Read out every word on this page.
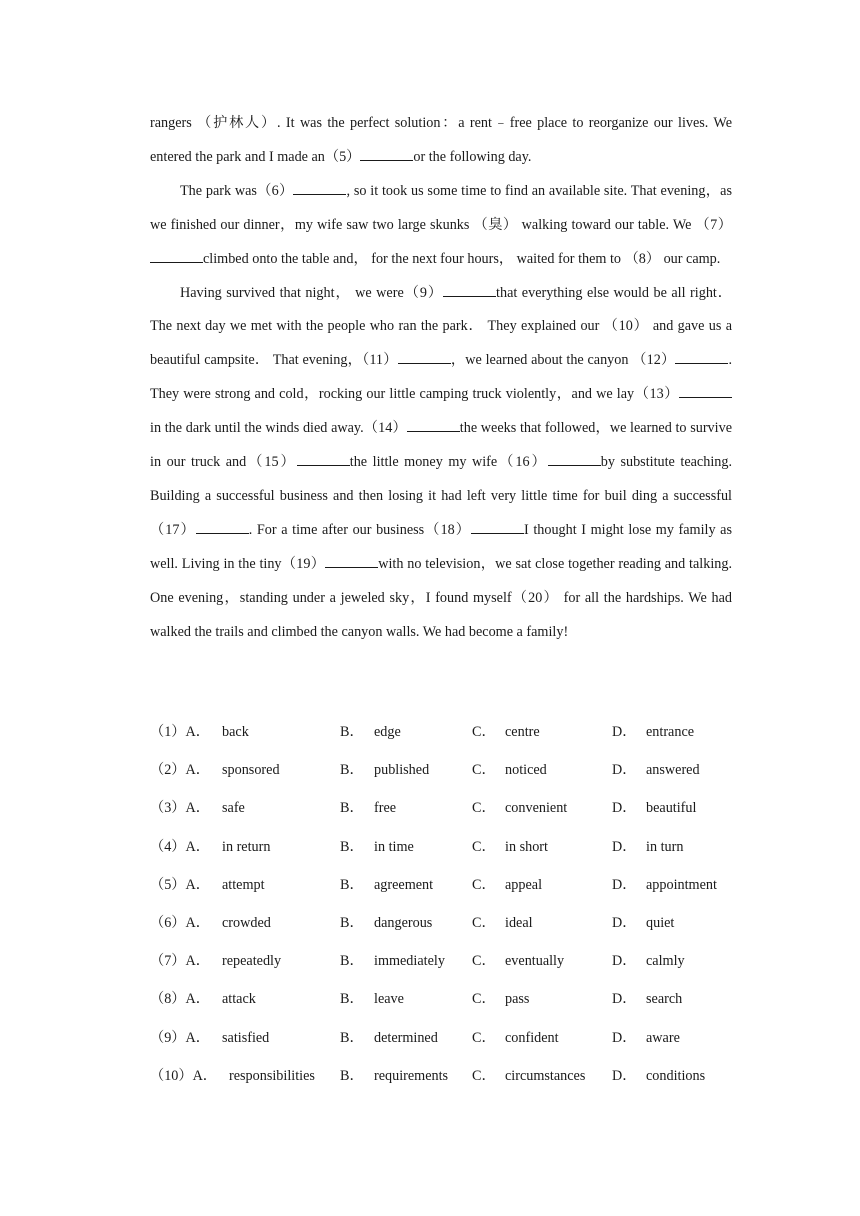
rangers （护林人）. It was the perfect solution：a rent﹣free place to reorganize our lives. We entered the park and I made an（5）	or the following day.

The park was（6）	, so it took us some time to find an available site. That evening，as we finished our dinner，my wife saw two large skunks （臭） walking toward our table. We （7）climbed onto the table and， for the next four hours， waited for them to （8） our camp.

Having survived that night， we were（9）	that everything else would be all right． The next day we met with the people who ran the park． They explained our （10） and gave us a beautiful campsite． That evening，（11）	，we learned about the canyon （12）	. They were strong and cold，rocking our little camping truck violently，and we lay（13）in the dark until the winds died away.（14）	the weeks that followed，we learned to survive in our truck and（15）	the little money my wife（16）	by substitute teaching. Building a successful business and then losing it had left very little time for buil ding a successful（17）	. For a time after our business（18）	I thought I might lose my family as well. Living in the tiny（19）	with no television，we sat close together reading and talking. One evening，standing under a jeweled sky，I found myself（20） for all the hardships. We had walked the trails and climbed the canyon walls. We had become a family!

（1）A． back	B． edge	C． centre	D． entrance
（2）A． sponsored	B． published	C． noticed	D． answered
（3）A． safe	B． free	C． convenient	D． beautiful
（4）A． in return	B． in time	C． in short	D． in turn
（5）A． attempt	B． agreement	C． appeal	D． appointment
（6）A． crowded	B． dangerous	C． ideal	D． quiet
（7）A． repeatedly	B． immediately C． eventually	D． calmly
（8）A． attack	B． leave	C． pass	D． search
（9）A． satisfied	B． determined C． confident	D． aware
（10）A． responsibilities B． requirements C． circumstances D． conditions
